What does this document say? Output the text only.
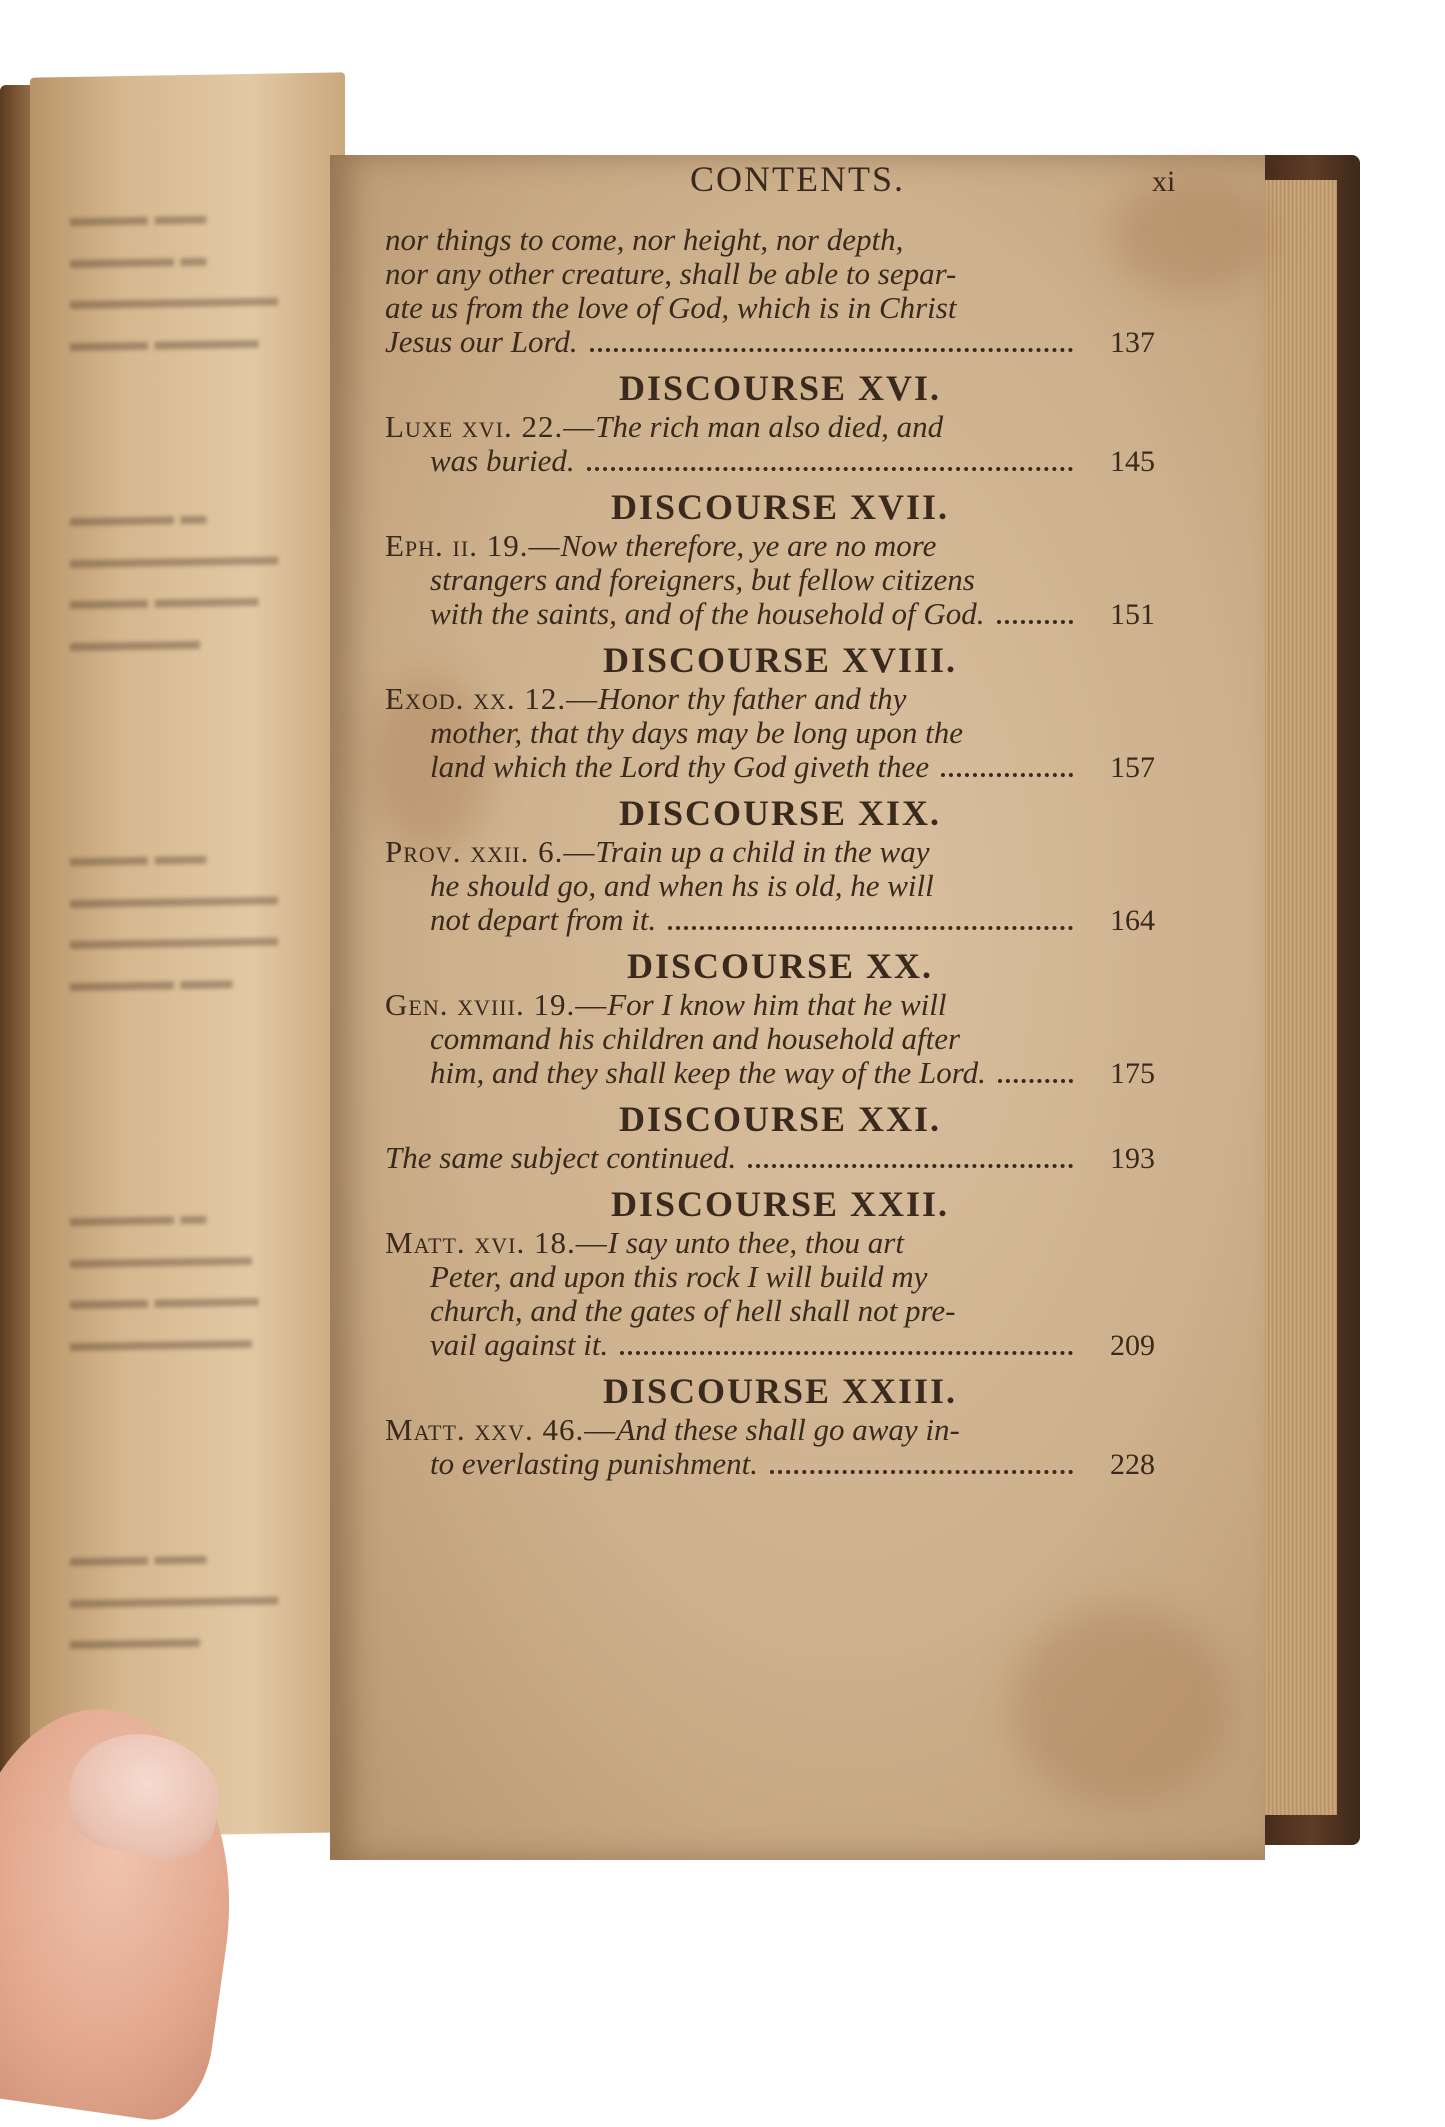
▬▬▬ ▬▬
▬▬▬▬ ▬
▬▬▬▬▬▬▬▬
▬▬▬ ▬▬▬▬
▬▬▬▬ ▬
▬▬▬▬▬▬▬▬
▬▬▬ ▬▬▬▬
▬▬▬▬▬
▬▬▬ ▬▬
▬▬▬▬▬▬▬▬
▬▬▬▬▬▬▬▬
▬▬▬▬ ▬▬
▬▬▬▬ ▬
▬▬▬▬▬▬▬
▬▬▬ ▬▬▬▬
▬▬▬▬▬▬▬
▬▬▬ ▬▬
▬▬▬▬▬▬▬▬
▬▬▬▬▬
CONTENTS.	xi
nor things to come, nor height, nor depth,
nor any other creature, shall be able to separ-
ate us from the love of God, which is in Christ
Jesus our Lord.	137
DISCOURSE XVI.
Luxe xvi. 22.—The rich man also died, and
was buried.	145
DISCOURSE XVII.
Eph. ii. 19.—Now therefore, ye are no more
strangers and foreigners, but fellow citizens
with the saints, and of the household of God.	151
DISCOURSE XVIII.
Exod. xx. 12.—Honor thy father and thy
mother, that thy days may be long upon the
land which the Lord thy God giveth thee	157
DISCOURSE XIX.
Prov. xxii. 6.—Train up a child in the way
he should go, and when hs is old, he will
not depart from it.	164
DISCOURSE XX.
Gen. xviii. 19.—For I know him that he will
command his children and household after
him, and they shall keep the way of the Lord.	175
DISCOURSE XXI.
The same subject continued.	193
DISCOURSE XXII.
Matt. xvi. 18.—I say unto thee, thou art
Peter, and upon this rock I will build my
church, and the gates of hell shall not pre-
vail against it.	209
DISCOURSE XXIII.
Matt. xxv. 46.—And these shall go away in-
to everlasting punishment.	228
